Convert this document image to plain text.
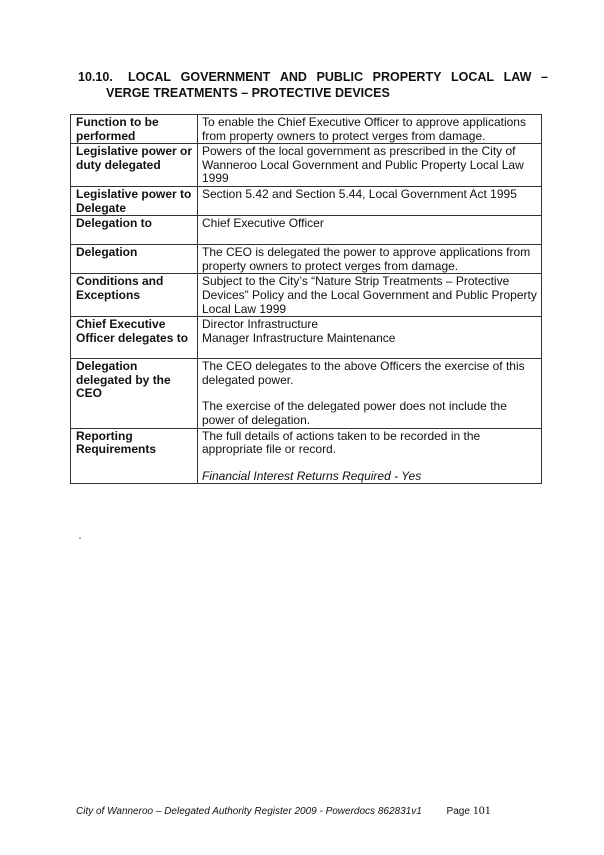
10.10.	LOCAL GOVERNMENT AND PUBLIC PROPERTY LOCAL LAW –
VERGE TREATMENTS – PROTECTIVE DEVICES
Function to be performed	To enable the Chief Executive Officer to approve applications from property owners to protect verges from damage.

Legislative power or duty delegated	Powers of the local government as prescribed in the City of Wanneroo Local Government and Public Property Local Law 1999

Legislative power to Delegate	Section 5.42 and Section 5.44, Local Government Act 1995

Delegation to	Chief Executive Officer

Delegation	The CEO is delegated the power to approve applications from property owners to protect verges from damage.

Conditions and Exceptions	Subject to the City’s “Nature Strip Treatments – Protective Devices” Policy and the Local Government and Public Property Local Law 1999

Chief Executive Officer delegates to	Director Infrastructure
Manager Infrastructure Maintenance

Delegation delegated by the CEO	The CEO delegates to the above Officers the exercise of this delegated power.

The exercise of the delegated power does not include the power of delegation.

Reporting Requirements	The full details of actions taken to be recorded in the appropriate file or record.

Financial Interest Returns Required - Yes

City of Wanneroo – Delegated Authority Register 2009 - Powerdocs 862831v1 Page 101
